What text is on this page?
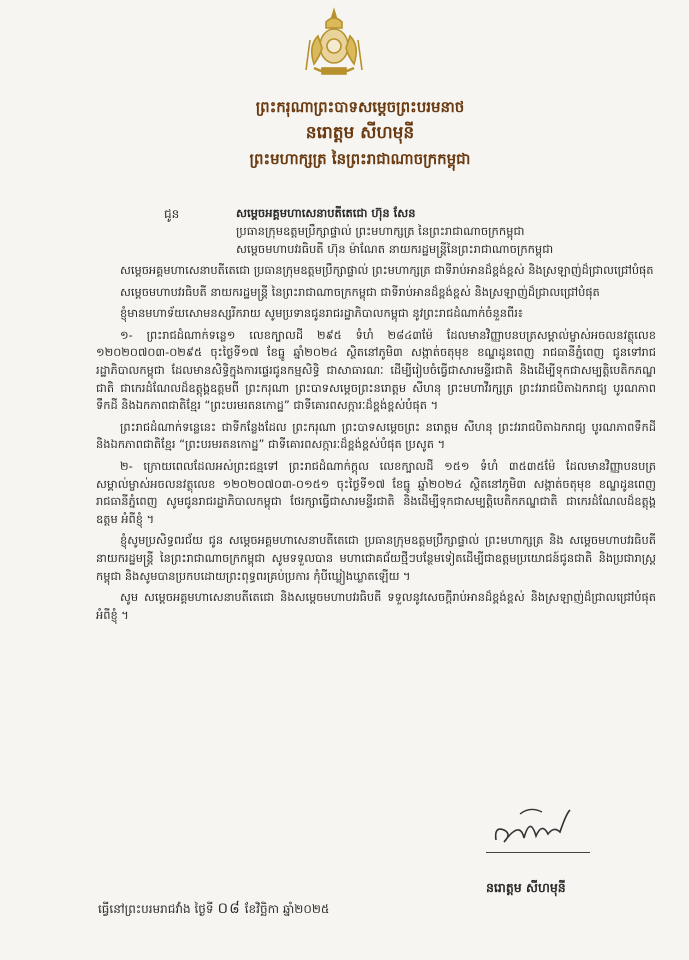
ព្រះករុណាព្រះបាទសម្តេចព្រះបរមនាថ
នរោត្តម សីហមុនី
ព្រះមហាក្សត្រ នៃព្រះរាជាណាចក្រកម្ពុជា
ជូន	សម្តេចអគ្គមហាសេនាបតីតេជោ ហ៊ុន សែន
ប្រធានក្រុមឧត្តមប្រឹក្សាផ្ទាល់ ព្រះមហាក្សត្រ នៃព្រះរាជាណាចក្រកម្ពុជា
សម្តេចមហាបវរធិបតី ហ៊ុន ម៉ាណែត នាយករដ្ឋមន្ត្រីនៃព្រះរាជាណាចក្រកម្ពុជា

សម្តេចអគ្គមហាសេនាបតីតេជោ ប្រធានក្រុមឧត្តមប្រឹក្សាផ្ទាល់ ព្រះមហាក្សត្រ ជាទីរាប់អានដ៏ខ្ពង់ខ្ពស់ និងស្រឡាញ់ដ៏ជ្រាលជ្រៅបំផុត

សម្តេចមហាបវរធិបតី នាយករដ្ឋមន្ត្រី នៃព្រះរាជាណាចក្រកម្ពុជា ជាទីរាប់អានដ៏ខ្ពង់ខ្ពស់ និងស្រឡាញ់ដ៏ជ្រាលជ្រៅបំផុត

ខ្ញុំមានមហាទ័យសោមនស្សរីករាយ សូមប្រទានជូនរាជរដ្ឋាភិបាលកម្ពុជា នូវព្រះរាជដំណាក់ចំនួនពីរ៖

១- ព្រះរាជដំណាក់ទន្លេ១ លេខក្បាលដី ២៩៥ ទំហំ ២៨៤៣ម៉ែ ដែលមានវិញ្ញាបនបត្រសម្គាល់ម្ចាស់អចលនវត្ថុលេខ ១២០២០៧០៣-០២៩៥ ចុះថ្ងៃទី១៧ ខែធ្នូ ឆ្នាំ២០២៤ ស្ថិតនៅភូមិ៣ សង្កាត់ចតុមុខ ខណ្ឌដូនពេញ រាជធានីភ្នំពេញ ជូនទៅរាជរដ្ឋាភិបាលកម្ពុជា ដែលមានសិទ្ធិក្នុងការផ្ទេរជូនកម្មសិទ្ធិ ជាសាធារណៈ ដើម្បីរៀបចំធ្វើជាសារមន្ទីរជាតិ និងដើម្បីទុកជាសម្បត្តិបេតិកភណ្ឌជាតិ ជាកេរដំណែលដ៏ឧត្តុង្គឧត្តមពី ព្រះករុណា ព្រះបាទសម្តេចព្រះនរោត្តម សីហនុ ព្រះមហាវីរក្សត្រ ព្រះវររាជបិតាឯករាជ្យ បូរណភាពទឹកដី និងឯកភាពជាតិខ្មែរ “ព្រះបរមរតនកោដ្ឋ” ជាទីគោរពសក្ការៈដ៏ខ្ពង់ខ្ពស់បំផុត ។

ព្រះរាជដំណាក់ទន្លេនេះ ជាទីកន្លែងដែល ព្រះករុណា ព្រះបាទសម្តេចព្រះ នរោត្តម សីហនុ ព្រះវររាជបិតាឯករាជ្យ បូរណភាពទឹកដី និងឯកភាពជាតិខ្មែរ “ព្រះបរមរតនកោដ្ឋ” ជាទីគោរពសក្ការៈដ៏ខ្ពង់ខ្ពស់បំផុត ប្រសូត ។

២- ក្រោយពេលដែលអស់ព្រះជន្មទៅ ព្រះរាជដំណាក់ក្តុល លេខក្បាលដី ១៥១ ទំហំ ៣៥៣៥ម៉ែ ដែលមានវិញ្ញាបនបត្រសម្គាល់ម្ចាស់អចលនវត្ថុលេខ ១២០២០៧០៣-០១៥១ ចុះថ្ងៃទី១៧ ខែធ្នូ ឆ្នាំ២០២៤ ស្ថិតនៅភូមិ៣ សង្កាត់ចតុមុខ ខណ្ឌដូនពេញ រាជធានីភ្នំពេញ សូមជូនរាជរដ្ឋាភិបាលកម្ពុជា ថែរក្សាធ្វើជាសារមន្ទីរជាតិ និងដើម្បីទុកជាសម្បត្តិបេតិកភណ្ឌជាតិ ជាកេរដំណែលដ៏ឧត្តុង្គឧត្តម អំពីខ្ញុំ ។

ខ្ញុំសូមប្រសិទ្ធពរជ័យ ជូន សម្តេចអគ្គមហាសេនាបតីតេជោ ប្រធានក្រុមឧត្តមប្រឹក្សាផ្ទាល់ ព្រះមហាក្សត្រ និង សម្តេចមហាបវរធិបតី នាយករដ្ឋមន្ត្រី នៃព្រះរាជាណាចក្រកម្ពុជា សូមទទួលបាន មហាជោគជ័យថ្មីៗបន្ថែមទៀតដើម្បីជាឧត្តមប្រយោជន៍ជូនជាតិ និងប្រជារាស្ត្រកម្ពុជា និងសូមបានប្រកបដោយព្រះពុទ្ធពរគ្រប់ប្រការ កុំបីឃ្លៀងឃ្លាតឡើយ ។

សូម សម្តេចអគ្គមហាសេនាបតីតេជោ និងសម្តេចមហាបវរធិបតី ទទួលនូវសេចក្តីរាប់អានដ៏ខ្ពង់ខ្ពស់ និងស្រឡាញ់ដ៏ជ្រាលជ្រៅបំផុត អំពីខ្ញុំ ។

នរោត្តម សីហមុនី
ធ្វើនៅព្រះបរមរាជវាំង ថ្ងៃទី ០៨ ខែវិច្ឆិកា ឆ្នាំ២០២៥
